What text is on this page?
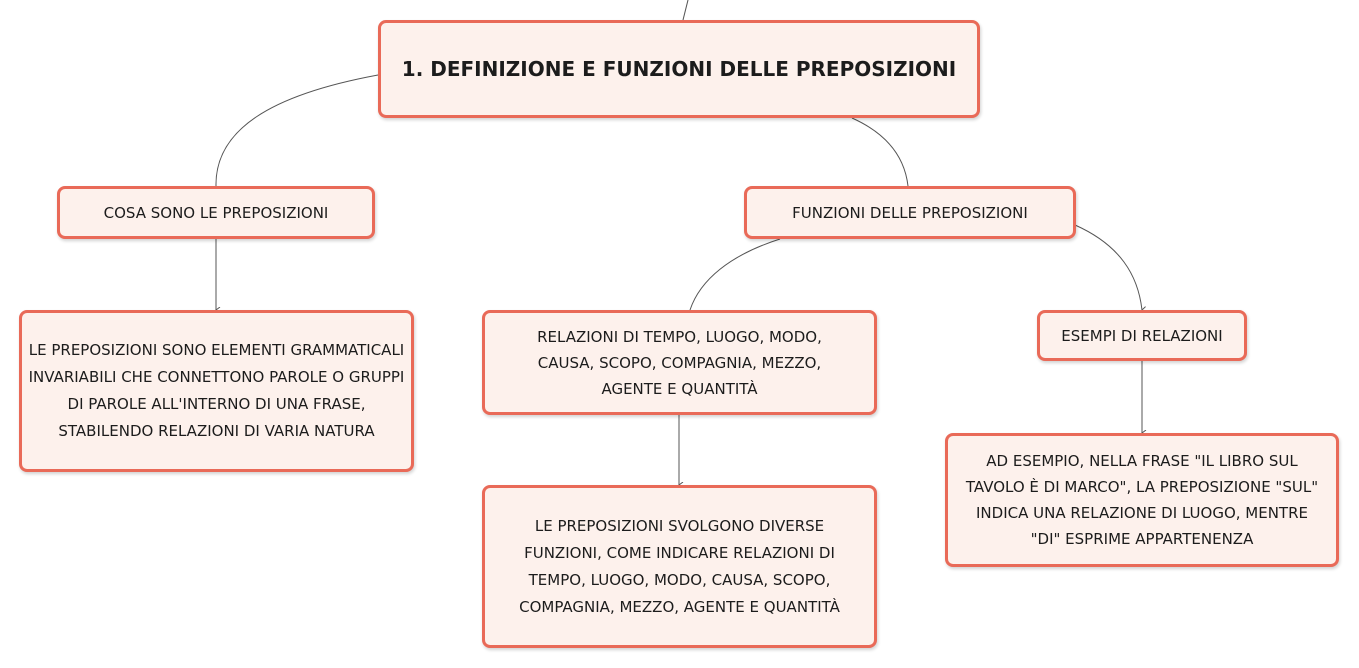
1. DEFINIZIONE E FUNZIONI DELLE PREPOSIZIONI
COSA SONO LE PREPOSIZIONI	FUNZIONI DELLE PREPOSIZIONI
LE PREPOSIZIONI SONO ELEMENTI GRAMMATICALI INVARIABILI CHE CONNETTONO PAROLE O GRUPPI DI PAROLE ALL'INTERNO DI UNA FRASE, STABILENDO RELAZIONI DI VARIA NATURA
RELAZIONI DI TEMPO, LUOGO, MODO, CAUSA, SCOPO, COMPAGNIA, MEZZO, AGENTE E QUANTITÀ
ESEMPI DI RELAZIONI
LE PREPOSIZIONI SVOLGONO DIVERSE FUNZIONI, COME INDICARE RELAZIONI DI TEMPO, LUOGO, MODO, CAUSA, SCOPO, COMPAGNIA, MEZZO, AGENTE E QUANTITÀ
AD ESEMPIO, NELLA FRASE "IL LIBRO SUL TAVOLO È DI MARCO", LA PREPOSIZIONE "SUL" INDICA UNA RELAZIONE DI LUOGO, MENTRE "DI" ESPRIME APPARTENENZA
